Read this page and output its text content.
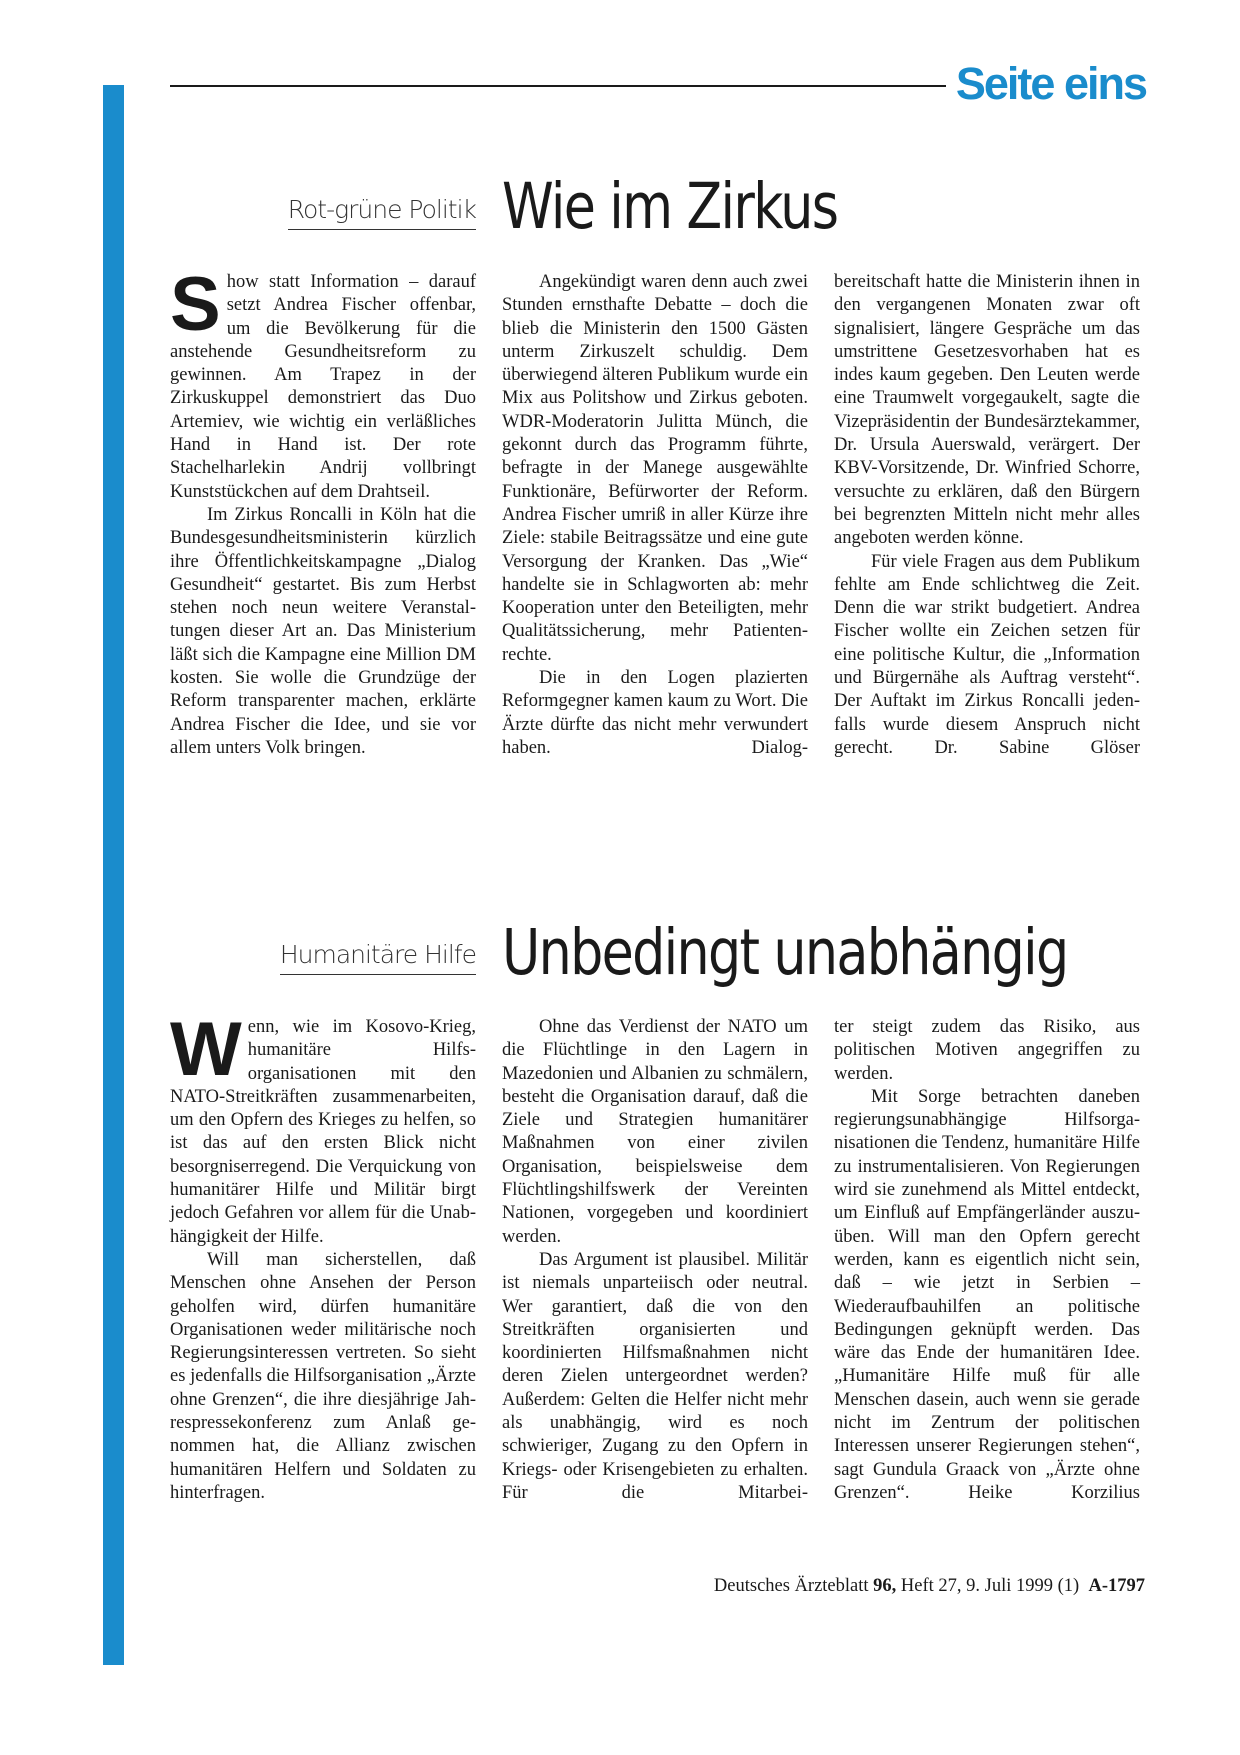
Seite eins
Rot-grüne Politik Wie im Zirkus

Show statt Information – darauf setzt Andrea Fischer offenbar, um die Bevölkerung für die anstehende Gesundheitsreform zu gewinnen. Am Trapez in der Zirkuskuppel demonstriert das Duo Artemiev, wie wichtig ein verläßliches Hand in Hand ist. Der rote Stachelharlekin Andrij vollbringt Kunststückchen auf dem Drahtseil.

Im Zirkus Roncalli in Köln hat die Bundesgesundheitsministerin kürzlich ihre Öffentlichkeitskampagne „Dialog Gesundheit“ gestartet. Bis zum Herbst stehen noch neun weitere Veranstaltungen dieser Art an. Das Ministerium läßt sich die Kampagne eine Million DM kosten. Sie wolle die Grundzüge der Reform transparenter machen, erklärte Andrea Fischer die Idee, und sie vor allem unters Volk bringen.

Angekündigt waren denn auch zwei Stunden ernsthafte Debatte – doch die blieb die Ministerin den 1500 Gästen unterm Zirkuszelt schuldig. Dem überwiegend älteren Publikum wurde ein Mix aus Politshow und Zirkus geboten. WDR-Moderatorin Julitta Münch, die gekonnt durch das Programm führte, befragte in der Manege ausgewählte Funktionäre, Befürworter der Reform. Andrea Fischer umriß in aller Kürze ihre Ziele: stabile Beitragssätze und eine gute Versorgung der Kranken. Das „Wie“ handelte sie in Schlagworten ab: mehr Kooperation unter den Beteiligten, mehr Qualitätssicherung, mehr Patientenrechte.

Die in den Logen plazierten Reformgegner kamen kaum zu Wort. Die Ärzte dürfte das nicht mehr verwundert haben. Dialog-

bereitschaft hatte die Ministerin ihnen in den vergangenen Monaten zwar oft signalisiert, längere Gespräche um das umstrittene Gesetzesvorhaben hat es indes kaum gegeben. Den Leuten werde eine Traumwelt vorgegaukelt, sagte die Vizepräsidentin der Bundesärztekammer, Dr. Ursula Auerswald, verärgert. Der KBV-Vorsitzende, Dr. Winfried Schorre, versuchte zu erklären, daß den Bürgern bei begrenzten Mitteln nicht mehr alles angeboten werden könne.

Für viele Fragen aus dem Publikum fehlte am Ende schlichtweg die Zeit. Denn die war strikt budgetiert. Andrea Fischer wollte ein Zeichen setzen für eine politische Kultur, die „Information und Bürgernähe als Auftrag versteht“. Der Auftakt im Zirkus Roncalli jedenfalls wurde diesem Anspruch nicht gerecht. Dr. Sabine Glöser

Humanitäre Hilfe Unbedingt unabhängig

Wenn, wie im Kosovo-Krieg, humanitäre Hilfsorganisationen mit den NATO-Streitkräften zusammenarbeiten, um den Opfern des Krieges zu helfen, so ist das auf den ersten Blick nicht besorgniserregend. Die Verquickung von humanitärer Hilfe und Militär birgt jedoch Gefahren vor allem für die Unabhängigkeit der Hilfe.

Will man sicherstellen, daß Menschen ohne Ansehen der Person geholfen wird, dürfen humanitäre Organisationen weder militärische noch Regierungsinteressen vertreten. So sieht es jedenfalls die Hilfsorganisation „Ärzte ohne Grenzen“, die ihre diesjährige Jahrespressekonferenz zum Anlaß genommen hat, die Allianz zwischen humanitären Helfern und Soldaten zu hinterfragen.

Ohne das Verdienst der NATO um die Flüchtlinge in den Lagern in Mazedonien und Albanien zu schmälern, besteht die Organisation darauf, daß die Ziele und Strategien humanitärer Maßnahmen von einer zivilen Organisation, beispielsweise dem Flüchtlingshilfswerk der Vereinten Nationen, vorgegeben und koordiniert werden.

Das Argument ist plausibel. Militär ist niemals unparteiisch oder neutral. Wer garantiert, daß die von den Streitkräften organisierten und koordinierten Hilfsmaßnahmen nicht deren Zielen untergeordnet werden? Außerdem: Gelten die Helfer nicht mehr als unabhängig, wird es noch schwieriger, Zugang zu den Opfern in Kriegs- oder Krisengebieten zu erhalten. Für die Mitarbei-

ter steigt zudem das Risiko, aus politischen Motiven angegriffen zu werden.

Mit Sorge betrachten daneben regierungsunabhängige Hilfsorganisationen die Tendenz, humanitäre Hilfe zu instrumentalisieren. Von Regierungen wird sie zunehmend als Mittel entdeckt, um Einfluß auf Empfängerländer auszuüben. Will man den Opfern gerecht werden, kann es eigentlich nicht sein, daß – wie jetzt in Serbien – Wiederaufbauhilfen an politische Bedingungen geknüpft werden. Das wäre das Ende der humanitären Idee. „Humanitäre Hilfe muß für alle Menschen dasein, auch wenn sie gerade nicht im Zentrum der politischen Interessen unserer Regierungen stehen“, sagt Gundula Graack von „Ärzte ohne Grenzen“. Heike Korzilius

Deutsches Ärzteblatt 96, Heft 27, 9. Juli 1999 (1) A-1797
